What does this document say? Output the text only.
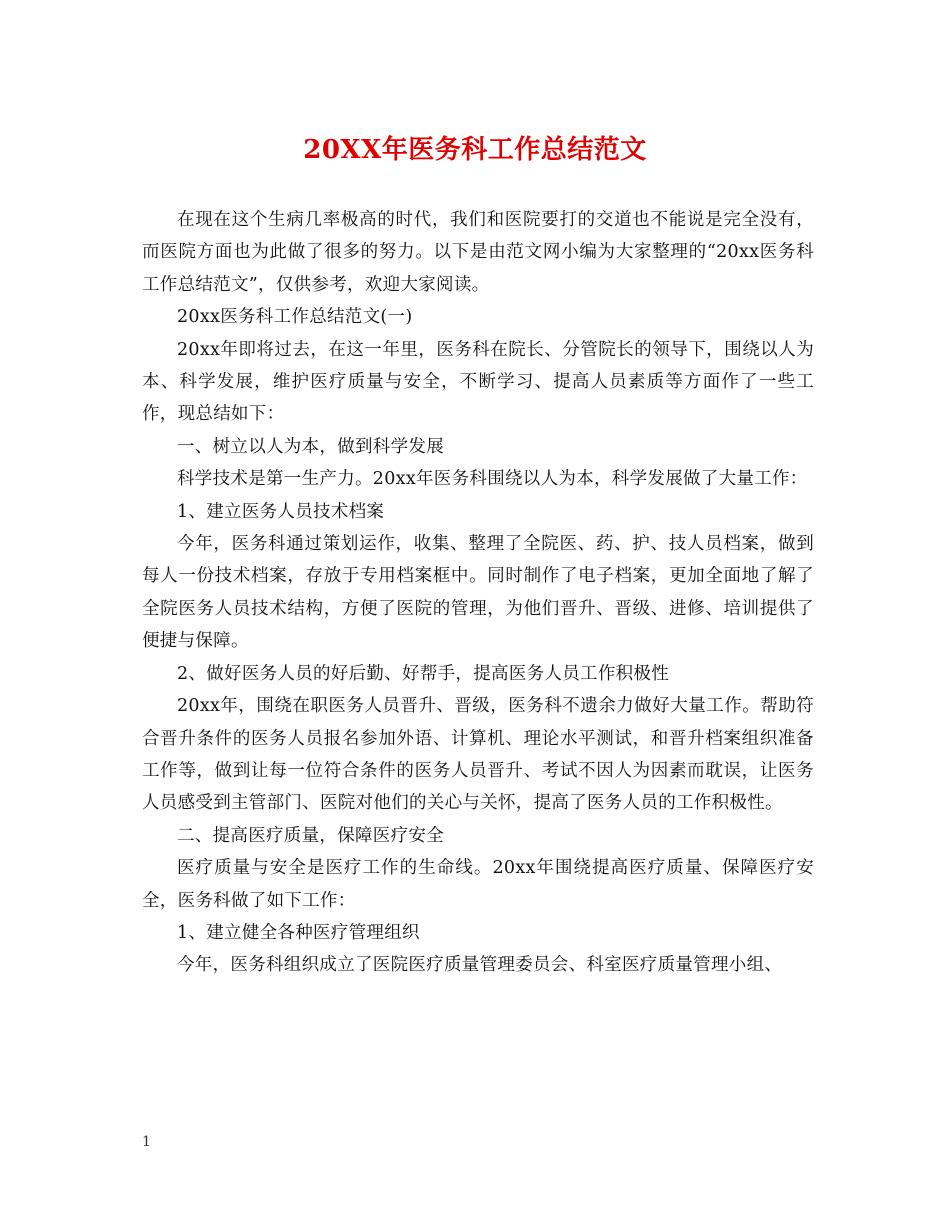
20XX年医务科工作总结范文

在现在这个生病几率极高的时代，我们和医院要打的交道也不能说是完全没有，而医院方面也为此做了很多的努力。以下是由范文网小编为大家整理的“20xx医务科工作总结范文”，仅供参考，欢迎大家阅读。

20xx医务科工作总结范文(一)

20xx年即将过去，在这一年里，医务科在院长、分管院长的领导下，围绕以人为本、科学发展，维护医疗质量与安全，不断学习、提高人员素质等方面作了一些工作，现总结如下：

一、树立以人为本，做到科学发展

科学技术是第一生产力。20xx年医务科围绕以人为本，科学发展做了大量工作：

1、建立医务人员技术档案

今年，医务科通过策划运作，收集、整理了全院医、药、护、技人员档案，做到每人一份技术档案，存放于专用档案框中。同时制作了电子档案，更加全面地了解了全院医务人员技术结构，方便了医院的管理，为他们晋升、晋级、进修、培训提供了便捷与保障。

2、做好医务人员的好后勤、好帮手，提高医务人员工作积极性

20xx年，围绕在职医务人员晋升、晋级，医务科不遗余力做好大量工作。帮助符合晋升条件的医务人员报名参加外语、计算机、理论水平测试，和晋升档案组织准备工作等，做到让每一位符合条件的医务人员晋升、考试不因人为因素而耽误，让医务人员感受到主管部门、医院对他们的关心与关怀，提高了医务人员的工作积极性。

二、提高医疗质量，保障医疗安全

医疗质量与安全是医疗工作的生命线。20xx年围绕提高医疗质量、保障医疗安全，医务科做了如下工作：

1、建立健全各种医疗管理组织

今年，医务科组织成立了医院医疗质量管理委员会、科室医疗质量管理小组、

1
